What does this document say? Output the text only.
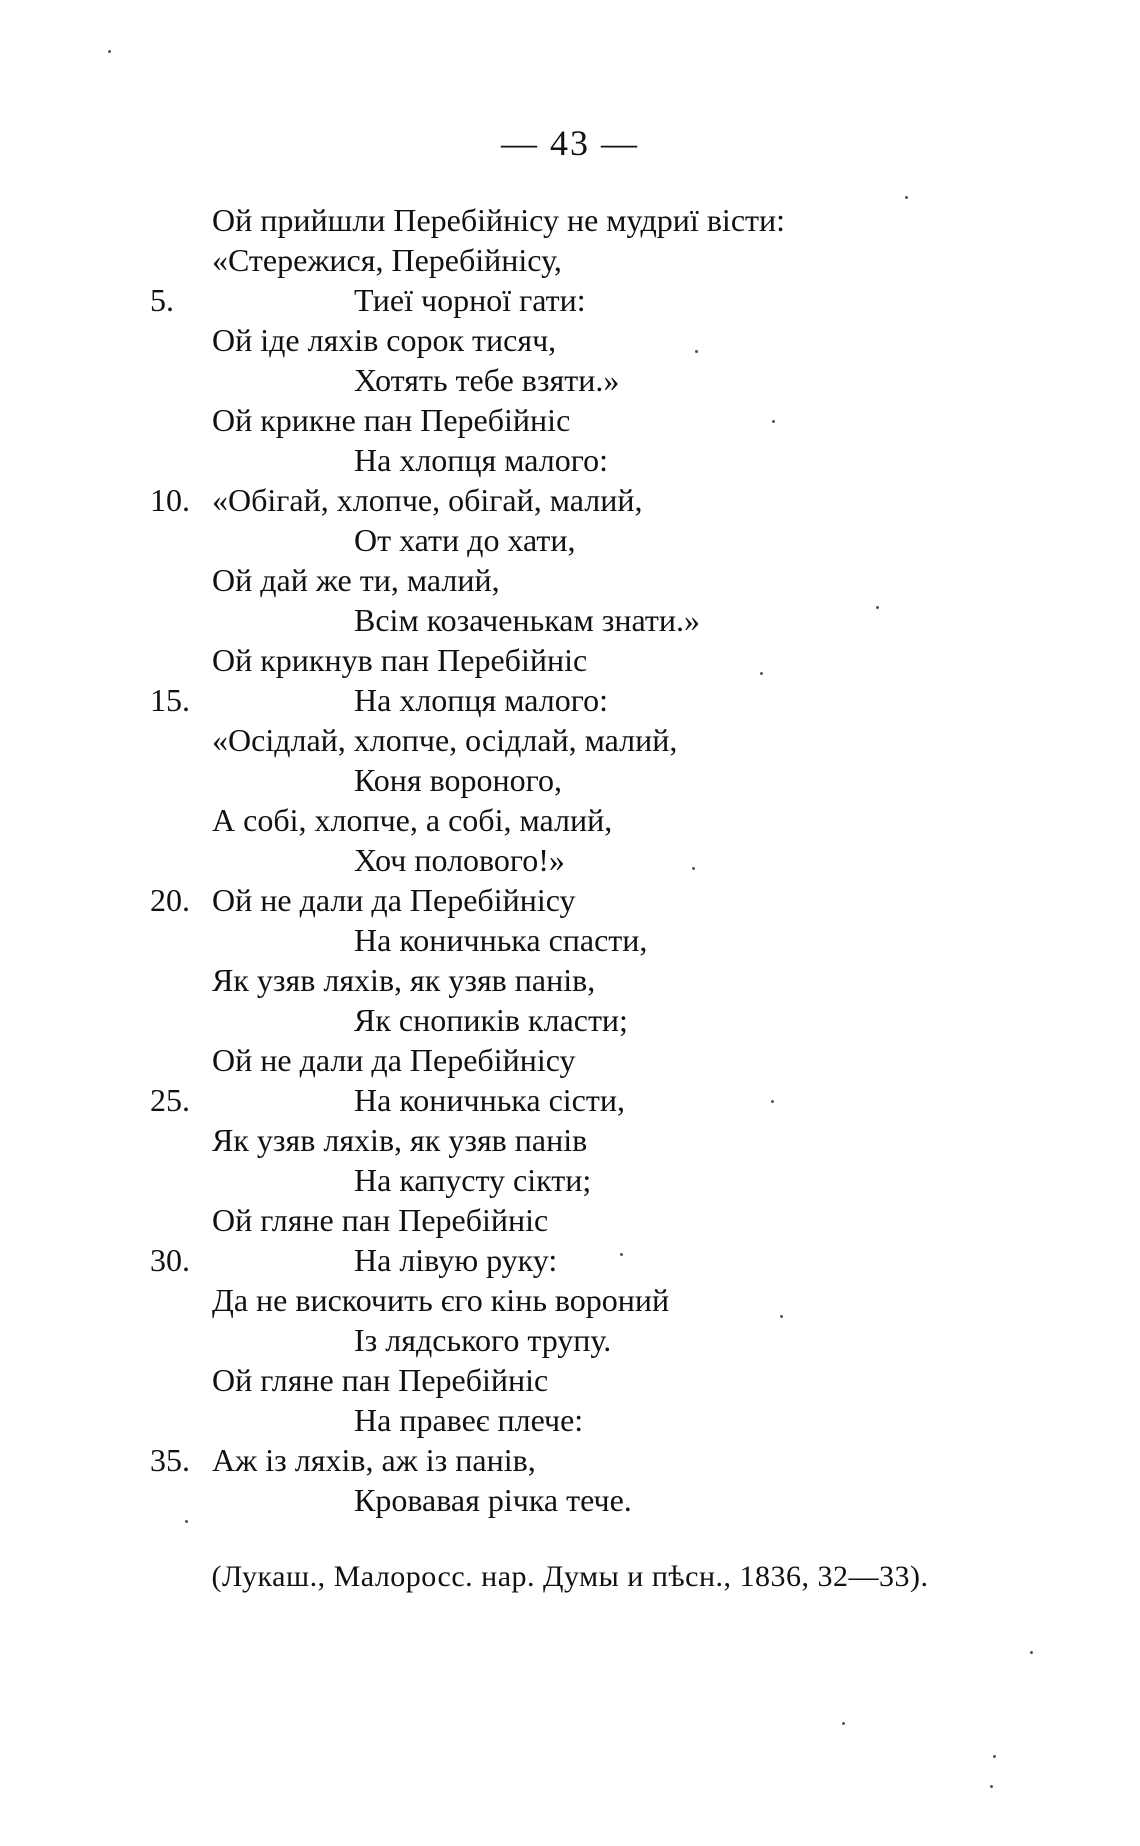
— 43 —
Ой прийшли Перебійнісу не мудриї вісти:
«Стережися, Перебійнісу,
5.	Тиеї чорної гати:
Ой іде ляхів сорок тисяч,
Хотять тебе взяти.»
Ой крикне пан Перебійніс
На хлопця малого:
10. «Обігай, хлопче, обігай, малий,
От хати до хати,
Ой дай же ти, малий,
Всім козаченькам знати.»
Ой крикнув пан Перебійніс
15.	На хлопця малого:
«Осідлай, хлопче, осідлай, малий,
Коня вороного,
А собі, хлопче, а собі, малий,
Хоч полового!»
20. Ой не дали да Перебійнісу
На коничнька спасти,
Як узяв ляхів, як узяв панів,
Як снопиків класти;
Ой не дали да Перебійнісу
25.	На коничнька сісти,
Як узяв ляхів, як узяв панів
На капусту сікти;
Ой гляне пан Перебійніс
30.	На лівую руку:
Да не вискочить єго кінь вороний
Із лядського трупу.
Ой гляне пан Перебійніс
На правеє плече:
35. Аж із ляхів, аж із панів,
Кровавая річка тече.
(Лукаш., Малоросс. нар. Думы и пѣсн., 1836, 32—33).
